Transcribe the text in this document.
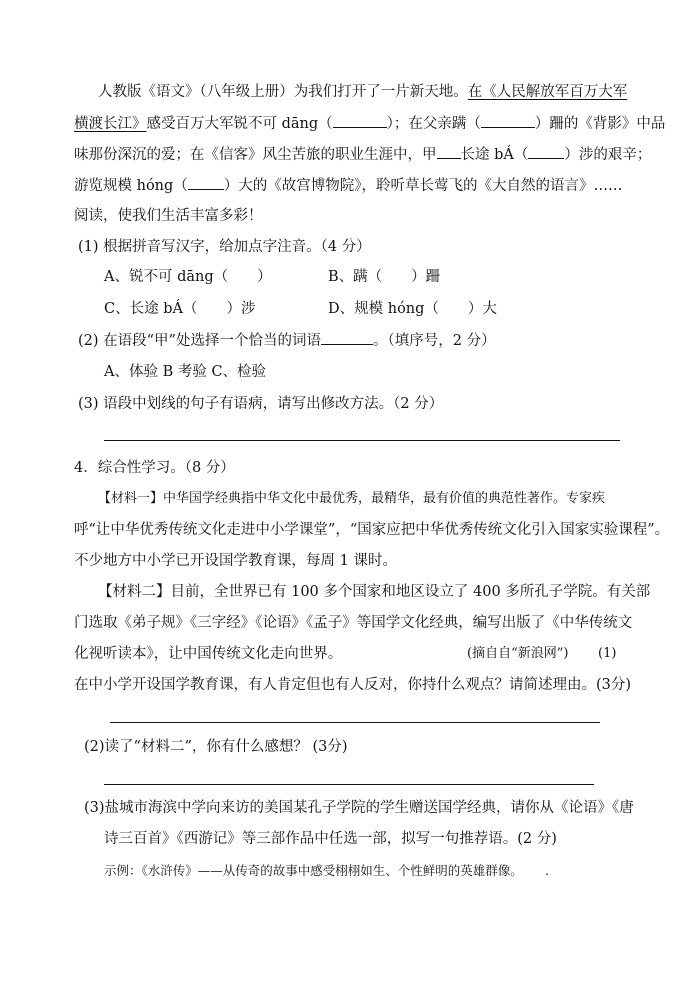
人教版《语文》（八年级上册）为我们打开了一片新天地。在《人民解放军百万大军
横渡长江》感受百万大军锐不可 dāng（	）；在父亲蹒（	）跚的《背影》中品
味那份深沉的爱；在《信客》风尘苦旅的职业生涯中，甲 长途 bÁ（ ）涉的艰辛；
游览规模 hóng（ ）大的《故宫博物院》，聆听草长莺飞的《大自然的语言》……
阅读，使我们生活丰富多彩！
(1) 根据拼音写汉字，给加点字注音。（4 分）
A、锐不可 dāng（　　）	B、蹒（　　）跚
C、长途 bÁ（　　）涉	D、规模 hóng（　　）大
(2) 在语段“甲”处选择一个恰当的词语	。（填序号，2 分）
A、体验 B 考验 C、检验
(3) 语段中划线的句子有语病，请写出修改方法。（2 分）
4．综合性学习。（8 分）
【材料一】中华国学经典指中华文化中最优秀，最精华，最有价值的典范性著作。专家疾
呼“让中华优秀传统文化走进中小学课堂”，“国家应把中华优秀传统文化引入国家实验课程”。
不少地方中小学已开设国学教育课，每周 1 课时。
【材料二】目前，全世界已有 100 多个国家和地区设立了 400 多所孔子学院。有关部
门选取《弟子规》《三字经》《论语》《孟子》等国学文化经典，编写出版了《中华传统文
化视听读本》，让中国传统文化走向世界。	(摘自自“新浪网”) (1)
在中小学开设国学教育课，有人肯定但也有人反对，你持什么观点？请简述理由。(3分)
(2)读了“材料二”，你有什么感想？ (3分)
(3)盐城市海滨中学向来访的美国某孔子学院的学生赠送国学经典，请你从《论语》《唐
诗三百首》《西游记》等三部作品中任选一部，拟写一句推荐语。(2 分)
示例：《水浒传》——从传奇的故事中感受栩栩如生、个性鲜明的英雄群像。 .
